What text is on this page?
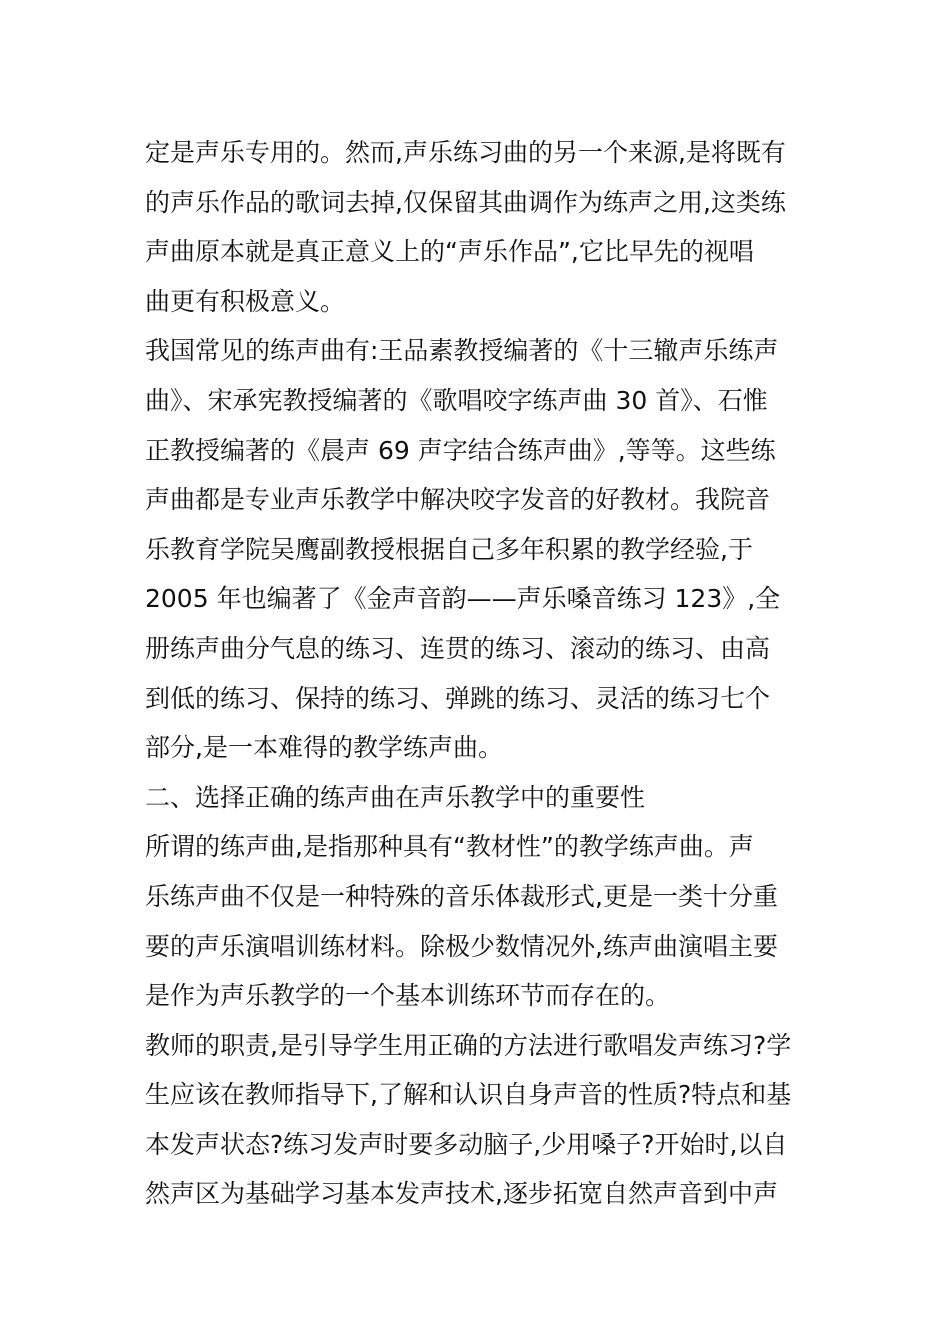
定是声乐专用的。然而,声乐练习曲的另一个来源,是将既有
的声乐作品的歌词去掉,仅保留其曲调作为练声之用,这类练
声曲原本就是真正意义上的“声乐作品”,它比早先的视唱
曲更有积极意义。
我国常见的练声曲有:王品素教授编著的《十三辙声乐练声
曲》、宋承宪教授编著的《歌唱咬字练声曲 30 首》、石惟
正教授编著的《晨声 69 声字结合练声曲》,等等。这些练
声曲都是专业声乐教学中解决咬字发音的好教材。我院音
乐教育学院吴鹰副教授根据自己多年积累的教学经验,于
2005 年也编著了《金声音韵——声乐嗓音练习 123》,全
册练声曲分气息的练习、连贯的练习、滚动的练习、由高
到低的练习、保持的练习、弹跳的练习、灵活的练习七个
部分,是一本难得的教学练声曲。
二、选择正确的练声曲在声乐教学中的重要性
所谓的练声曲,是指那种具有“教材性”的教学练声曲。声
乐练声曲不仅是一种特殊的音乐体裁形式,更是一类十分重
要的声乐演唱训练材料。除极少数情况外,练声曲演唱主要
是作为声乐教学的一个基本训练环节而存在的。
教师的职责,是引导学生用正确的方法进行歌唱发声练习?学
生应该在教师指导下,了解和认识自身声音的性质?特点和基
本发声状态?练习发声时要多动脑子,少用嗓子?开始时,以自
然声区为基础学习基本发声技术,逐步拓宽自然声音到中声
